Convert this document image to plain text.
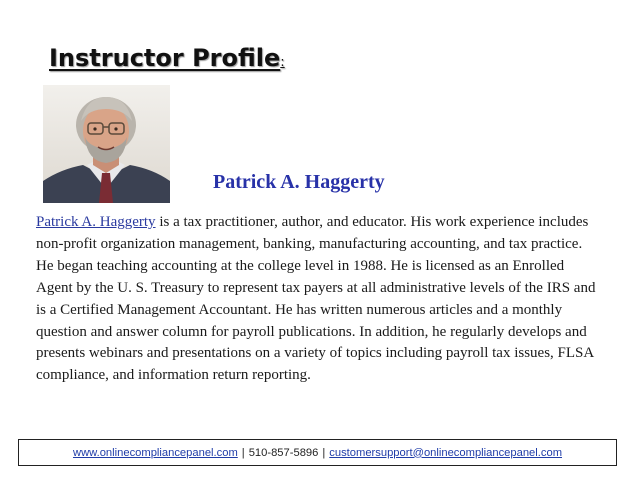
Instructor Profile:
Patrick A. Haggerty

Patrick A. Haggerty is a tax practitioner, author, and educator. His work experience includes non-profit organization management, banking, manufacturing accounting, and tax practice. He began teaching accounting at the college level in 1988. He is licensed as an Enrolled Agent by the U. S. Treasury to represent tax payers at all administrative levels of the IRS and is a Certified Management Accountant. He has written numerous articles and a monthly question and answer column for payroll publications. In addition, he regularly develops and presents webinars and presentations on a variety of topics including payroll tax issues, FLSA compliance, and information return reporting.

www.onlinecompliancepanel.com | 510-857-5896 | customersupport@onlinecompliancepanel.com
